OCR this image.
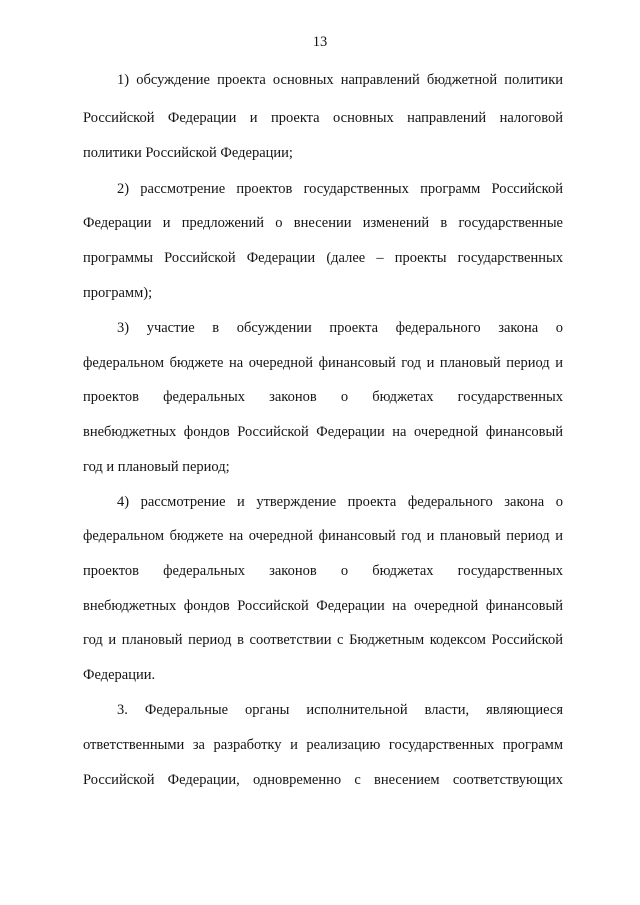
13
1) обсуждение проекта основных направлений бюджетной политики
Российской Федерации и проекта основных направлений налоговой
политики Российской Федерации;
2) рассмотрение проектов государственных программ Российской
Федерации и предложений о внесении изменений в государственные
программы Российской Федерации (далее – проекты государственных
программ);
3) участие в обсуждении проекта федерального закона о
федеральном бюджете на очередной финансовый год и плановый период и
проектов федеральных законов о бюджетах государственных
внебюджетных фондов Российской Федерации на очередной финансовый
год и плановый период;
4) рассмотрение и утверждение проекта федерального закона о
федеральном бюджете на очередной финансовый год и плановый период и
проектов федеральных законов о бюджетах государственных
внебюджетных фондов Российской Федерации на очередной финансовый
год и плановый период в соответствии с Бюджетным кодексом Российской
Федерации.
3. Федеральные органы исполнительной власти, являющиеся
ответственными за разработку и реализацию государственных программ
Российской Федерации, одновременно с внесением соответствующих
